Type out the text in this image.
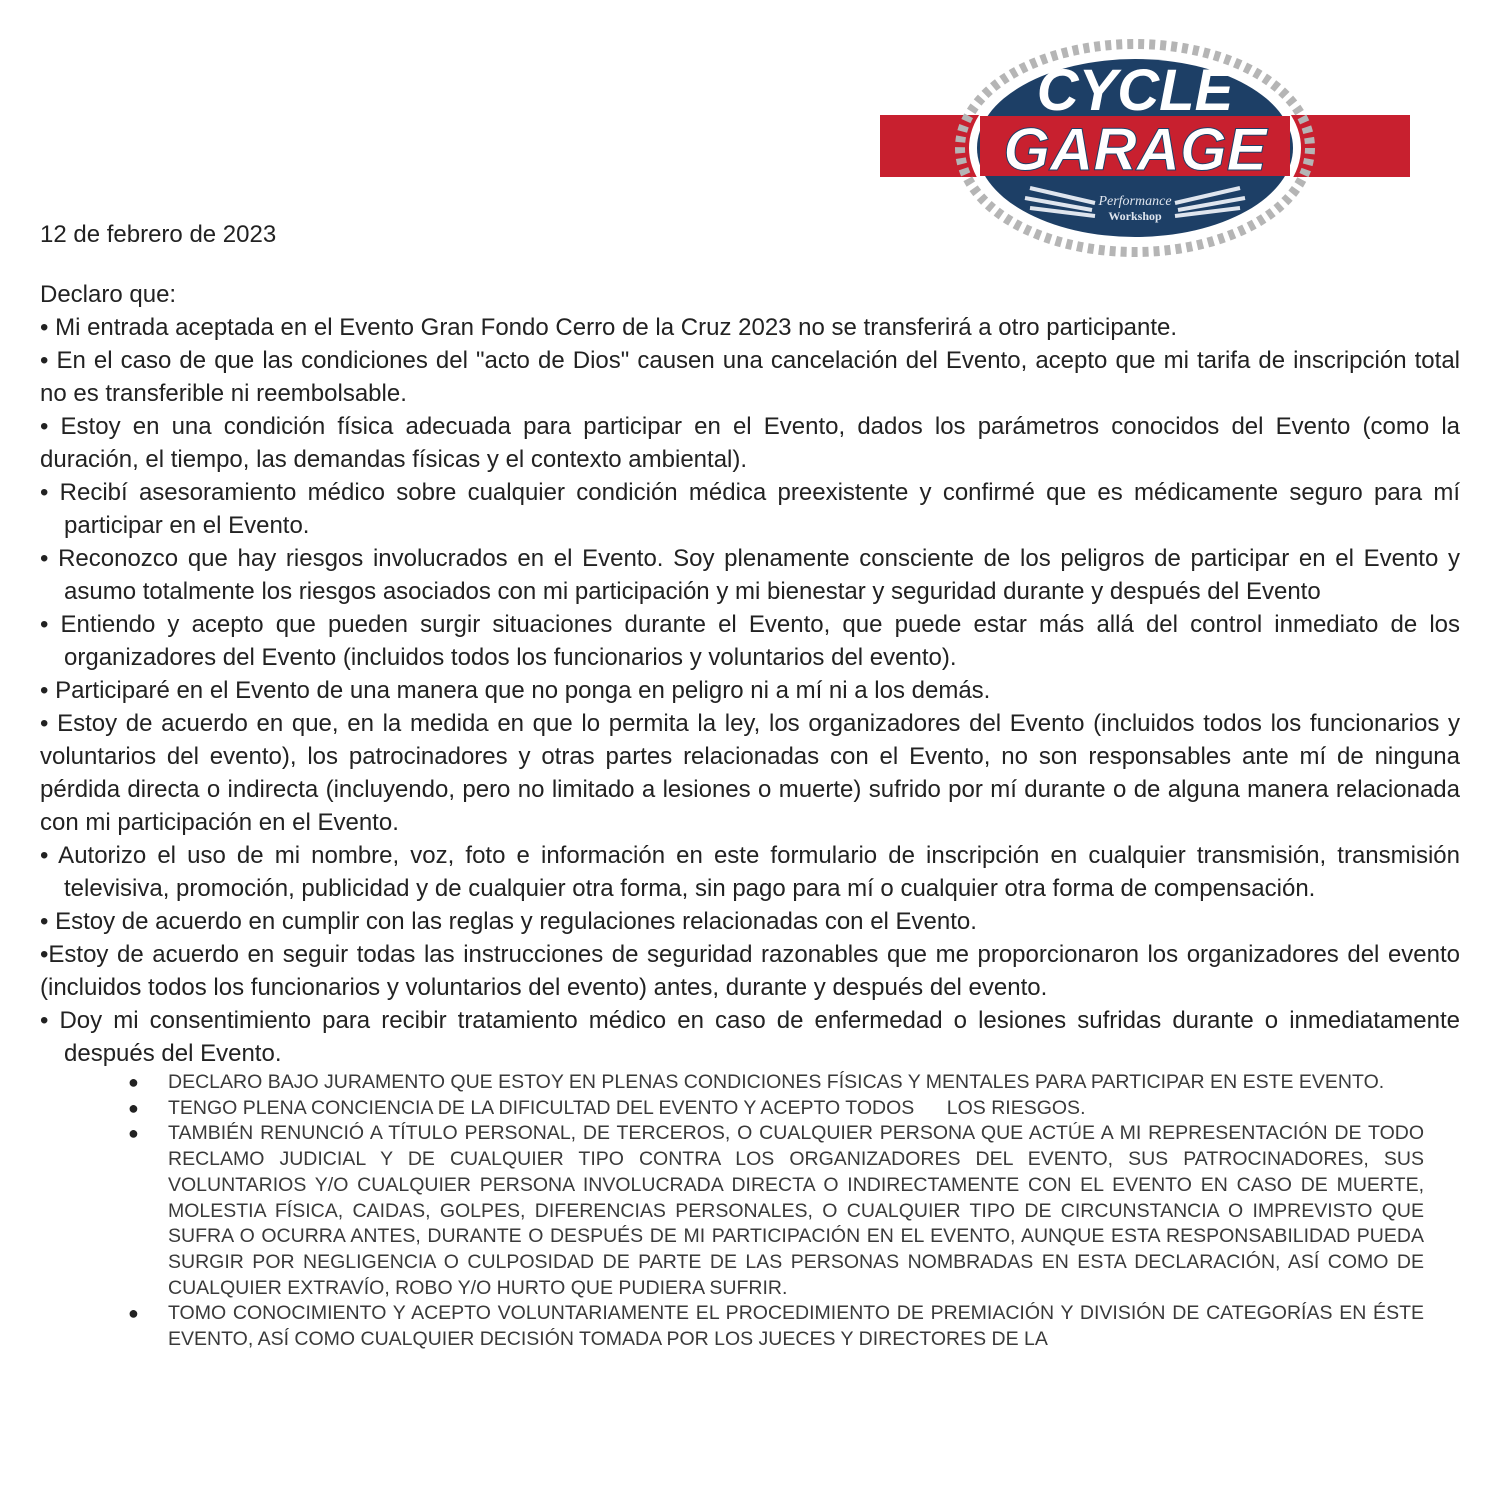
CYCLE
GARAGE
Performance
Workshop
12 de febrero de 2023

Declaro que:

• Mi entrada aceptada en el Evento Gran Fondo Cerro de la Cruz 2023 no se transferirá a otro participante.

• En el caso de que las condiciones del "acto de Dios" causen una cancelación del Evento, acepto que mi tarifa de inscripción total no es transferible ni reembolsable.

• Estoy en una condición física adecuada para participar en el Evento, dados los parámetros conocidos del Evento (como la duración, el tiempo, las demandas físicas y el contexto ambiental).

• Recibí asesoramiento médico sobre cualquier condición médica preexistente y confirmé que es médicamente seguro para mí participar en el Evento.

• Reconozco que hay riesgos involucrados en el Evento. Soy plenamente consciente de los peligros de participar en el Evento y asumo totalmente los riesgos asociados con mi participación y mi bienestar y seguridad durante y después del Evento

• Entiendo y acepto que pueden surgir situaciones durante el Evento, que puede estar más allá del control inmediato de los organizadores del Evento (incluidos todos los funcionarios y voluntarios del evento).

• Participaré en el Evento de una manera que no ponga en peligro ni a mí ni a los demás.

• Estoy de acuerdo en que, en la medida en que lo permita la ley, los organizadores del Evento (incluidos todos los funcionarios y voluntarios del evento), los patrocinadores y otras partes relacionadas con el Evento, no son responsables ante mí de ninguna pérdida directa o indirecta (incluyendo, pero no limitado a lesiones o muerte) sufrido por mí durante o de alguna manera relacionada con mi participación en el Evento.

• Autorizo el uso de mi nombre, voz, foto e información en este formulario de inscripción en cualquier transmisión, transmisión televisiva, promoción, publicidad y de cualquier otra forma, sin pago para mí o cualquier otra forma de compensación.

• Estoy de acuerdo en cumplir con las reglas y regulaciones relacionadas con el Evento.

•Estoy de acuerdo en seguir todas las instrucciones de seguridad razonables que me proporcionaron los organizadores del evento (incluidos todos los funcionarios y voluntarios del evento) antes, durante y después del evento.

• Doy mi consentimiento para recibir tratamiento médico en caso de enfermedad o lesiones sufridas durante o inmediatamente después del Evento.

● DECLARO BAJO JURAMENTO QUE ESTOY EN PLENAS CONDICIONES FÍSICAS Y MENTALES PARA PARTICIPAR EN ESTE EVENTO.
● TENGO PLENA CONCIENCIA DE LA DIFICULTAD DEL EVENTO Y ACEPTO TODOS      LOS RIESGOS.
● TAMBIÉN RENUNCIÓ A TÍTULO PERSONAL, DE TERCEROS, O CUALQUIER PERSONA QUE ACTÚE A MI REPRESENTACIÓN DE TODO RECLAMO JUDICIAL Y DE CUALQUIER TIPO CONTRA LOS ORGANIZADORES DEL EVENTO, SUS PATROCINADORES, SUS VOLUNTARIOS Y/O CUALQUIER PERSONA INVOLUCRADA DIRECTA O INDIRECTAMENTE CON EL EVENTO EN CASO DE MUERTE, MOLESTIA FÍSICA, CAIDAS, GOLPES, DIFERENCIAS PERSONALES, O CUALQUIER TIPO DE CIRCUNSTANCIA O IMPREVISTO QUE SUFRA O OCURRA ANTES, DURANTE O DESPUÉS DE MI PARTICIPACIÓN EN EL EVENTO, AUNQUE ESTA RESPONSABILIDAD PUEDA SURGIR POR NEGLIGENCIA O CULPOSIDAD DE PARTE DE LAS PERSONAS NOMBRADAS EN ESTA DECLARACIÓN, ASÍ COMO DE CUALQUIER EXTRAVÍO, ROBO Y/O HURTO QUE PUDIERA SUFRIR.
● TOMO CONOCIMIENTO Y ACEPTO VOLUNTARIAMENTE EL PROCEDIMIENTO DE PREMIACIÓN Y DIVISIÓN DE CATEGORÍAS EN ÉSTE EVENTO, ASÍ COMO CUALQUIER DECISIÓN TOMADA POR LOS JUECES Y DIRECTORES DE LA
